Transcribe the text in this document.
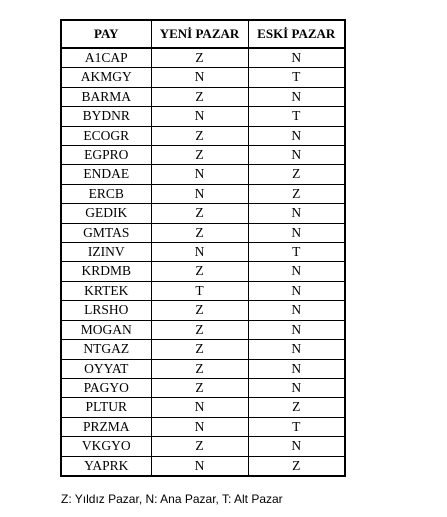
PAY	YENİ PAZAR	ESKİ PAZAR
A1CAP	Z	N
AKMGY	N	T
BARMA	Z	N
BYDNR	N	T
ECOGR	Z	N
EGPRO	Z	N
ENDAE	N	Z
ERCB	N	Z
GEDIK	Z	N
GMTAS	Z	N
IZINV	N	T
KRDMB	Z	N
KRTEK	T	N
LRSHO	Z	N
MOGAN	Z	N
NTGAZ	Z	N
OYYAT	Z	N
PAGYO	Z	N
PLTUR	N	Z
PRZMA	N	T
VKGYO	Z	N
YAPRK	N	Z
Z: Yıldız Pazar, N: Ana Pazar, T: Alt Pazar
